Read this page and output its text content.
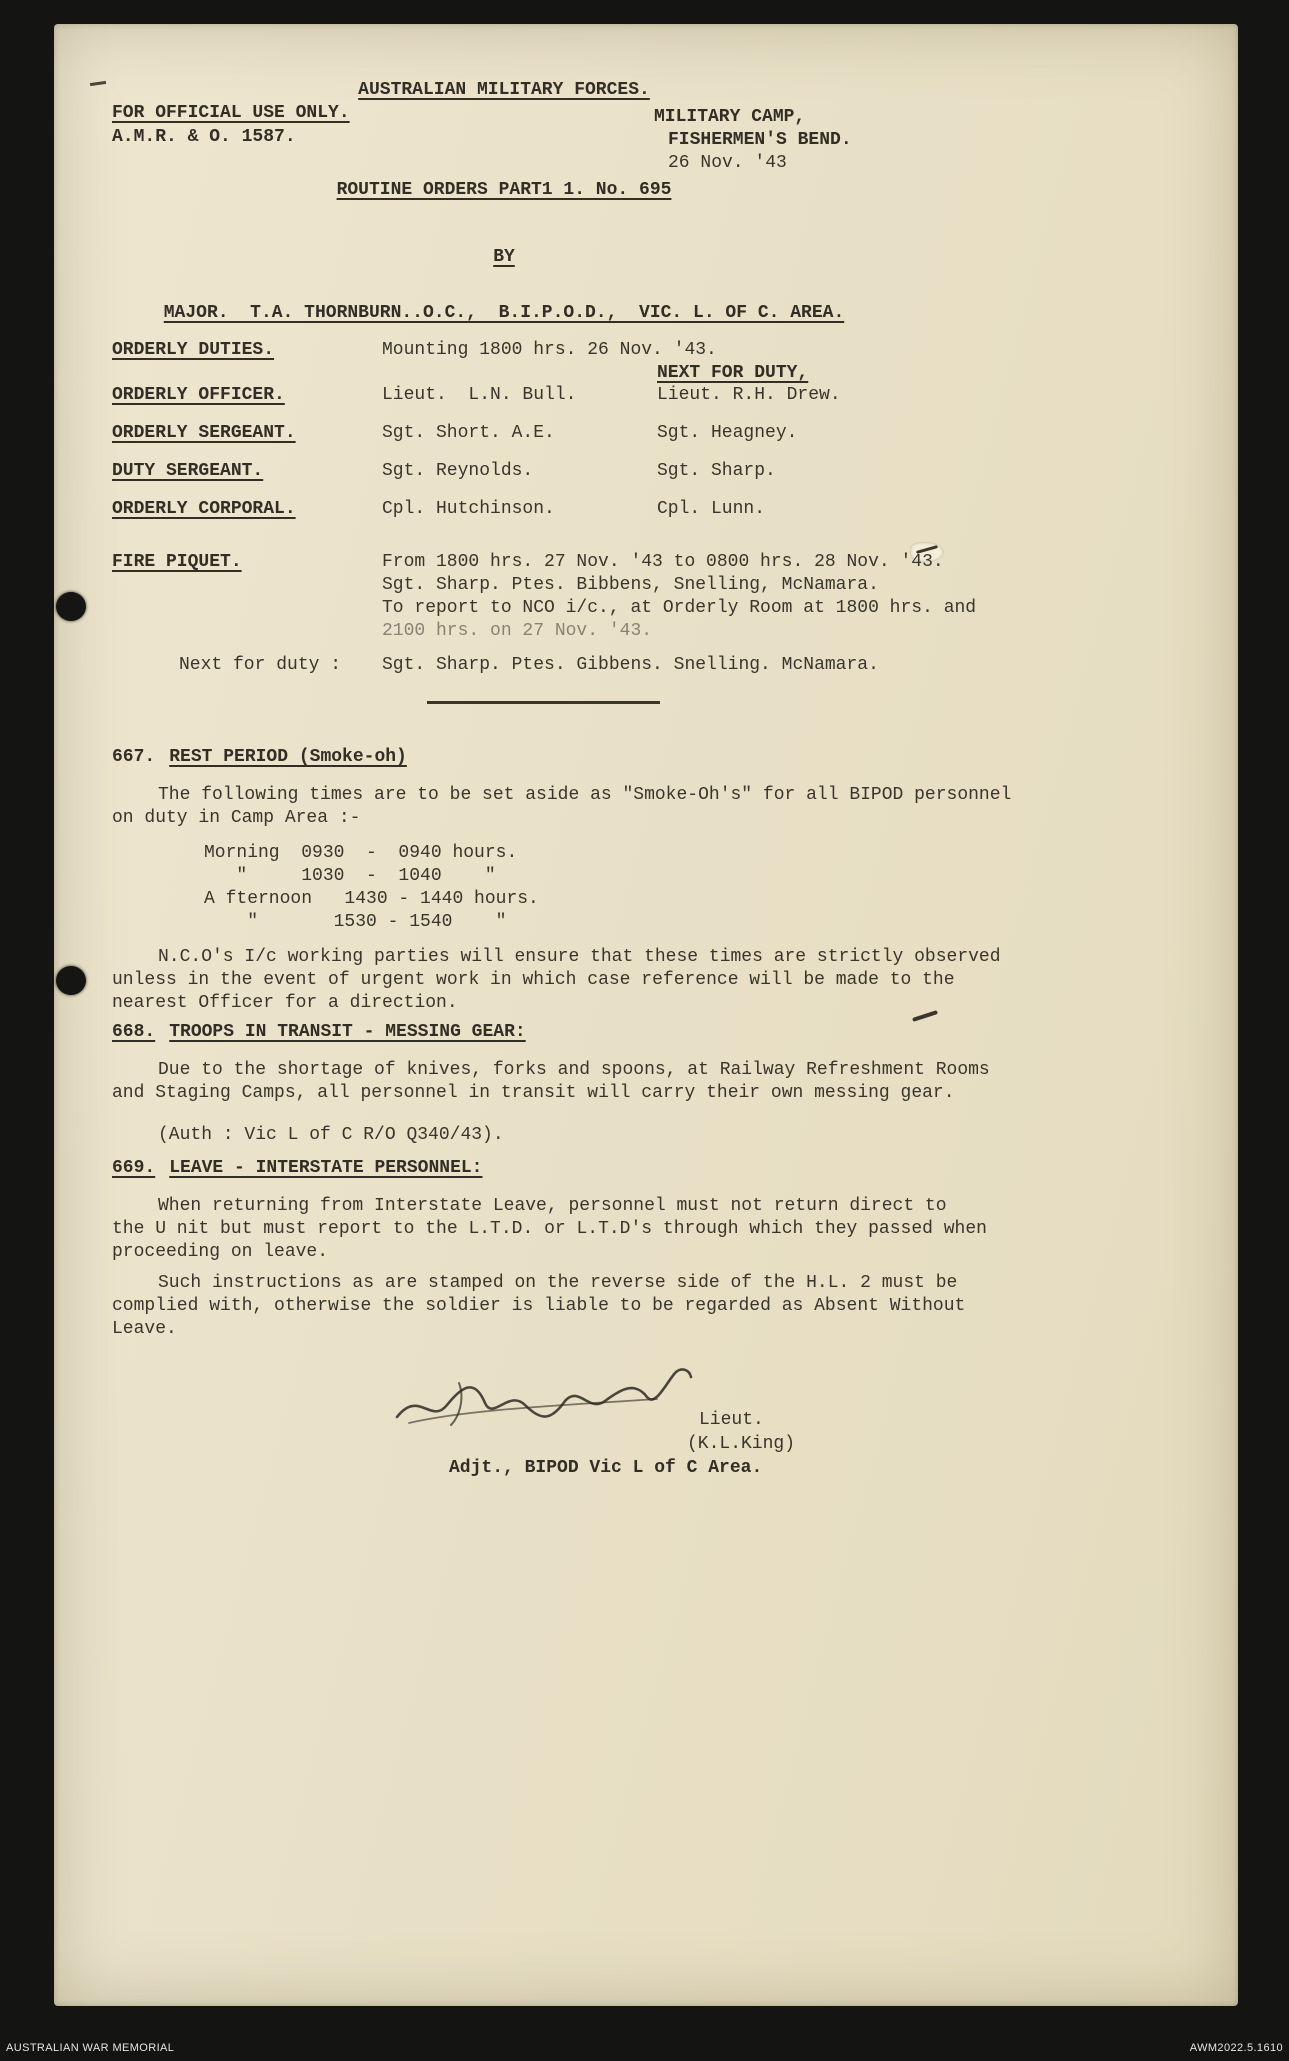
AUSTRALIAN MILITARY FORCES.
FOR OFFICIAL USE ONLY.
A.M.R. & O. 1587.
MILITARY CAMP,
FISHERMEN'S BEND.
26 Nov. '43
ROUTINE ORDERS PART1 1. No. 695
BY
MAJOR.  T.A. THORNBURN..O.C.,  B.I.P.O.D.,  VIC. L. OF C. AREA.
ORDERLY DUTIES.	Mounting 1800 hrs. 26 Nov. '43.
NEXT FOR DUTY,
ORDERLY OFFICER.	Lieut.  L.N. Bull.	Lieut. R.H. Drew.
ORDERLY SERGEANT.	Sgt. Short. A.E.	Sgt. Heagney.
DUTY SERGEANT.	Sgt. Reynolds.	Sgt. Sharp.
ORDERLY CORPORAL.	Cpl. Hutchinson.	Cpl. Lunn.
FIRE PIQUET.	From 1800 hrs. 27 Nov. '43 to 0800 hrs. 28 Nov. '43.
Sgt. Sharp. Ptes. Bibbens, Snelling, McNamara.
To report to NCO i/c., at Orderly Room at 1800 hrs. and
2100 hrs. on 27 Nov. '43.
Next for duty : Sgt. Sharp. Ptes. Gibbens. Snelling. McNamara.
667. REST PERIOD (Smoke-oh)
The following times are to be set aside as "Smoke-Oh's" for all BIPOD personnel
on duty in Camp Area :-
Morning  0930  -  0940 hours.
"     1030  -  1040    "
A fternoon   1430 - 1440 hours.
"       1530 - 1540    "
N.C.O's I/c working parties will ensure that these times are strictly observed
unless in the event of urgent work in which case reference will be made to the
nearest Officer for a direction.
668. TROOPS IN TRANSIT - MESSING GEAR:
Due to the shortage of knives, forks and spoons, at Railway Refreshment Rooms
and Staging Camps, all personnel in transit will carry their own messing gear.
(Auth : Vic L of C R/O Q340/43).
669. LEAVE - INTERSTATE PERSONNEL:
When returning from Interstate Leave, personnel must not return direct to
the U nit but must report to the L.T.D. or L.T.D's through which they passed when
proceeding on leave.
Such instructions as are stamped on the reverse side of the H.L. 2 must be
complied with, otherwise the soldier is liable to be regarded as Absent Without
Leave.
Lieut.
(K.L.King)
Adjt., BIPOD Vic L of C Area.
AUSTRALIAN WAR MEMORIAL	AWM2022.5.1610
